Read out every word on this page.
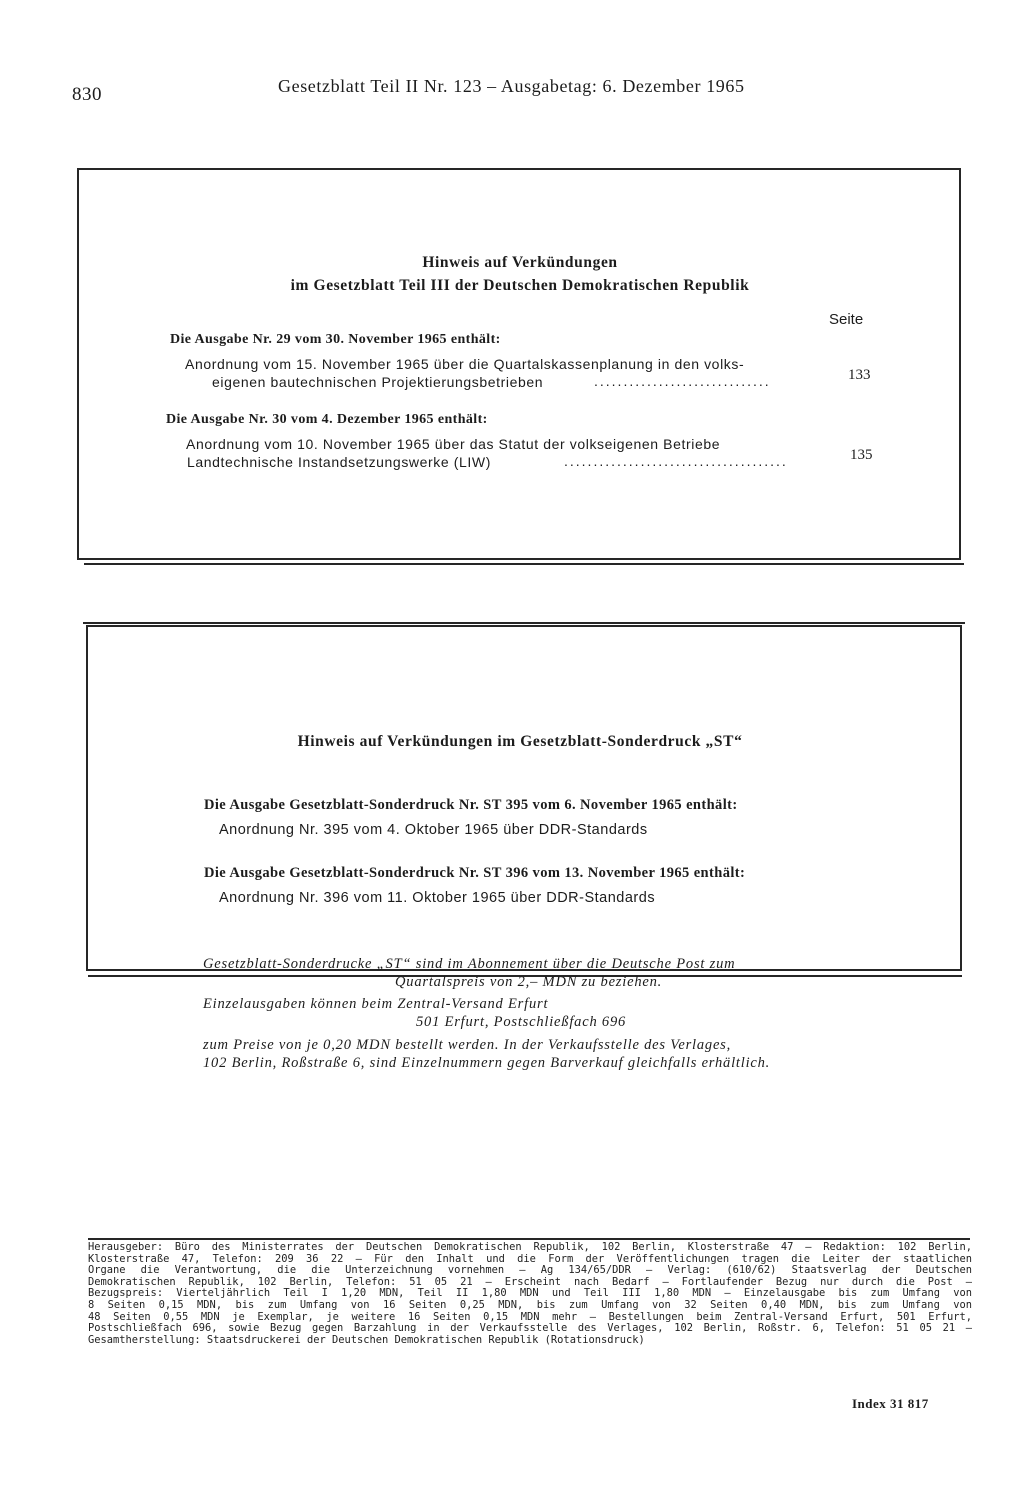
830	Gesetzblatt Teil II Nr. 123 – Ausgabetag: 6. Dezember 1965
Hinweis auf Verkündungen
im Gesetzblatt Teil III der Deutschen Demokratischen Republik
Seite
Die Ausgabe Nr. 29 vom 30. November 1965 enthält:
Anordnung vom 15. November 1965 über die Quartalskassenplanung in den volks-
eigenen bautechnischen Projektierungsbetrieben	..............................	133
Die Ausgabe Nr. 30 vom 4. Dezember 1965 enthält:
Anordnung vom 10. November 1965 über das Statut der volkseigenen Betriebe
Landtechnische Instandsetzungswerke (LIW)	......................................	135
Hinweis auf Verkündungen im Gesetzblatt-Sonderdruck „ST“
Die Ausgabe Gesetzblatt-Sonderdruck Nr. ST 395 vom 6. November 1965 enthält:
Anordnung Nr. 395 vom 4. Oktober 1965 über DDR-Standards
Die Ausgabe Gesetzblatt-Sonderdruck Nr. ST 396 vom 13. November 1965 enthält:
Anordnung Nr. 396 vom 11. Oktober 1965 über DDR-Standards
Gesetzblatt-Sonderdrucke „ST“ sind im Abonnement über die Deutsche Post zum
Quartalspreis von 2,– MDN zu beziehen.
Einzelausgaben können beim Zentral-Versand Erfurt
501 Erfurt, Postschließfach 696
zum Preise von je 0,20 MDN bestellt werden. In der Verkaufsstelle des Verlages,
102 Berlin, Roßstraße 6, sind Einzelnummern gegen Barverkauf gleichfalls erhältlich.
Herausgeber: Büro des Ministerrates der Deutschen Demokratischen Republik, 102 Berlin, Klosterstraße 47 – Redaktion: 102 Berlin,
Klosterstraße 47, Telefon: 209 36 22 – Für den Inhalt und die Form der Veröffentlichungen tragen die Leiter der staatlichen
Organe die Verantwortung, die die Unterzeichnung vornehmen – Ag 134/65/DDR – Verlag: (610/62) Staatsverlag der Deutschen
Demokratischen Republik, 102 Berlin, Telefon: 51 05 21 – Erscheint nach Bedarf – Fortlaufender Bezug nur durch die Post –
Bezugspreis: Vierteljährlich Teil I 1,20 MDN, Teil II 1,80 MDN und Teil III 1,80 MDN – Einzelausgabe bis zum Umfang von
8 Seiten 0,15 MDN, bis zum Umfang von 16 Seiten 0,25 MDN, bis zum Umfang von 32 Seiten 0,40 MDN, bis zum Umfang von
48 Seiten 0,55 MDN je Exemplar, je weitere 16 Seiten 0,15 MDN mehr – Bestellungen beim Zentral-Versand Erfurt, 501 Erfurt,
Postschließfach 696, sowie Bezug gegen Barzahlung in der Verkaufsstelle des Verlages, 102 Berlin, Roßstr. 6, Telefon: 51 05 21 –
Gesamtherstellung: Staatsdruckerei der Deutschen Demokratischen Republik (Rotationsdruck)
Index 31 817
